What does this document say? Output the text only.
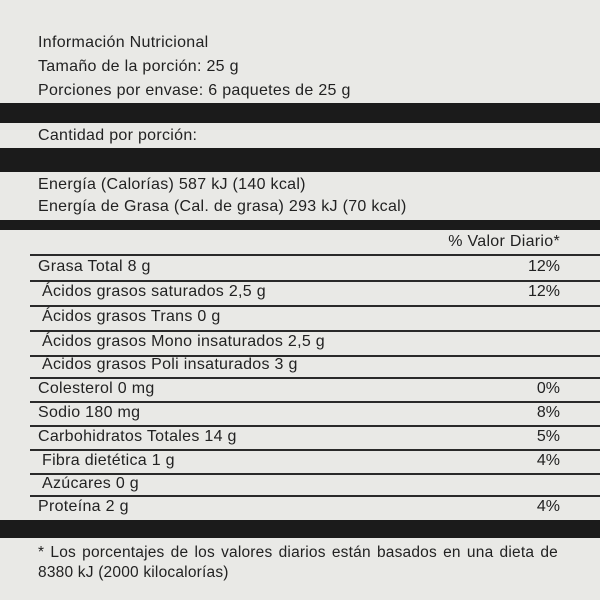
Información Nutricional
Tamaño de la porción: 25 g
Porciones por envase: 6 paquetes de 25 g
Cantidad por porción:
Energía (Calorías) 587 kJ (140 kcal)
Energía de Grasa (Cal. de grasa) 293 kJ (70 kcal)
% Valor Diario*
Grasa Total 8 g	12%
Ácidos grasos saturados 2,5 g	12%
Ácidos grasos Trans 0 g
Ácidos grasos Mono insaturados 2,5 g
Ácidos grasos Poli insaturados 3 g
Colesterol 0 mg	0%
Sodio 180 mg	8%
Carbohidratos Totales 14 g	5%
Fibra dietética 1 g	4%
Azúcares 0 g
Proteína 2 g	4%
* Los porcentajes de los valores diarios están basados en una dieta de 8380 kJ (2000 kilocalorías)
